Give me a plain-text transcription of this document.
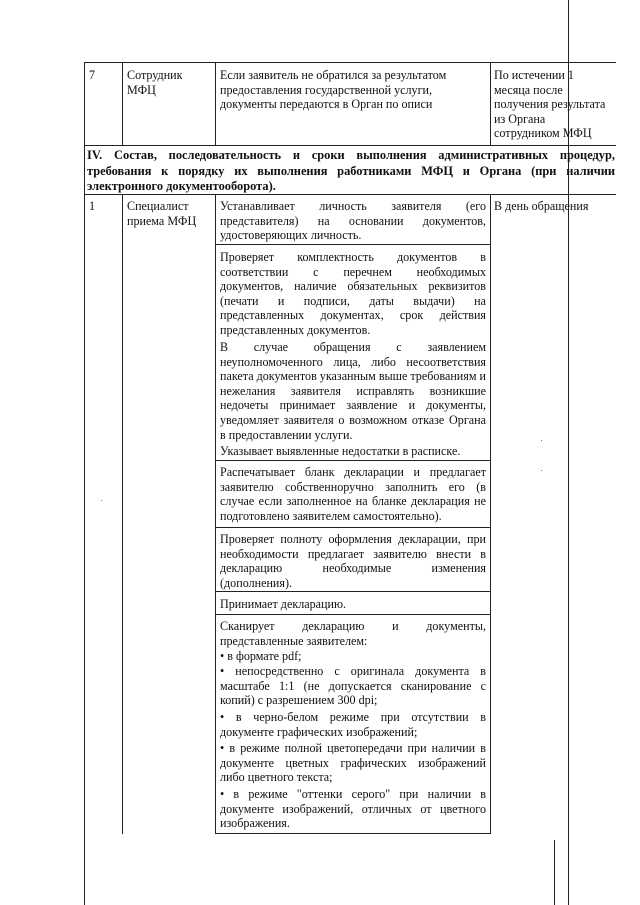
7	Сотрудник МФЦ
Если заявитель не обратился за результатом предоставления государственной услуги, документы передаются в Орган по описи
По истечении 1 месяца после получения результата из Органа сотрудником МФЦ
IV. Состав, последовательность и сроки выполнения административных процедур, требования к порядку их выполнения работниками МФЦ и Органа (при наличии электронного документооборота).
1	Специалист приема МФЦ
В день обращения
Устанавливает личность заявителя (его представителя) на основании документов, удостоверяющих личность.
Проверяет комплектность документов в соответствии с перечнем необходимых документов, наличие обязательных реквизитов (печати и подписи, даты выдачи) на представленных документах, срок действия представленных документов.
В случае обращения с заявлением неуполномоченного лица, либо несоответствия пакета документов указанным выше требованиям и нежелания заявителя исправлять возникшие недочеты принимает заявление и документы, уведомляет заявителя о возможном отказе Органа в предоставлении услуги.
Указывает выявленные недостатки в расписке.
Распечатывает бланк декларации и предлагает заявителю собственноручно заполнить его (в случае если заполненное на бланке декларация не подготовлено заявителем самостоятельно).
Проверяет полноту оформления декларации, при необходимости предлагает заявителю внести в декларацию необходимые изменения (дополнения).
Принимает декларацию.
Сканирует декларацию и документы, представленные заявителем:
• в формате pdf;
• непосредственно с оригинала документа в масштабе 1:1 (не допускается сканирование с копий) с разрешением 300 dpi;
• в черно-белом режиме при отсутствии в документе графических изображений;
• в режиме полной цветопередачи при наличии в документе цветных графических изображений либо цветного текста;
• в режиме "оттенки серого" при наличии в документе изображений, отличных от цветного изображения.
